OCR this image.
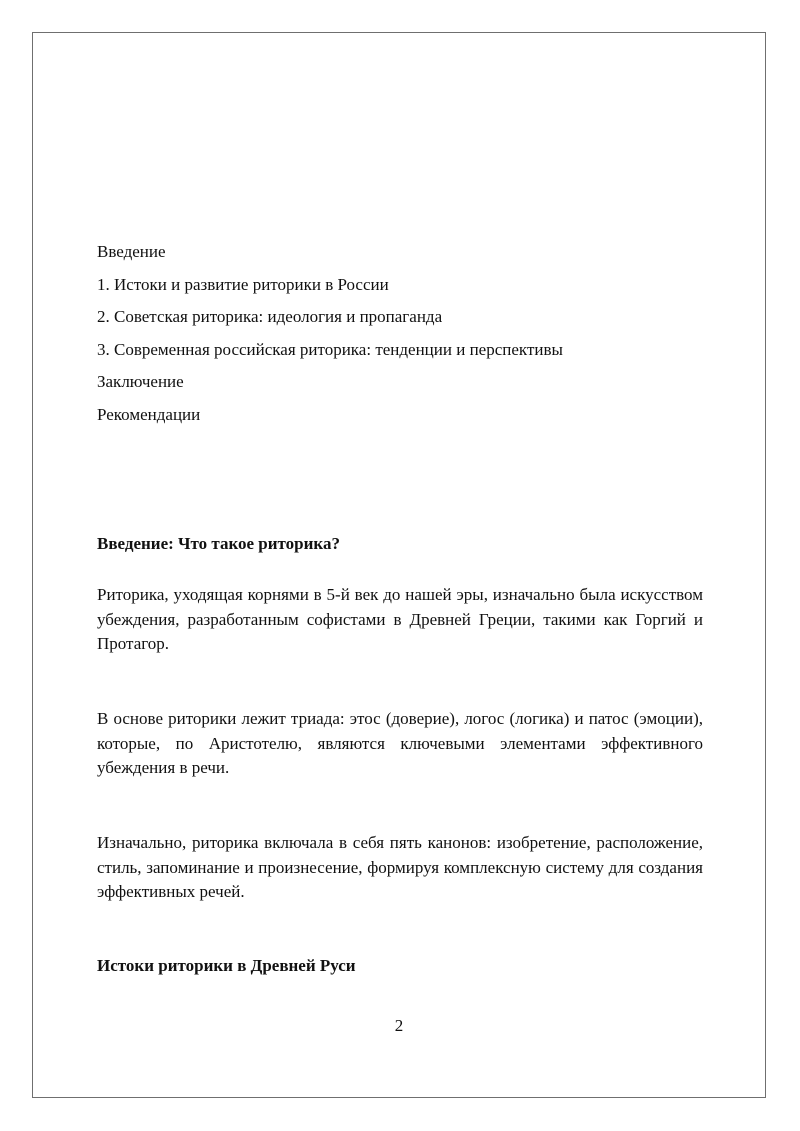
Введение

1. Истоки и развитие риторики в России

2. Советская риторика: идеология и пропаганда

3. Современная российская риторика: тенденции и перспективы

Заключение

Рекомендации

Введение: Что такое риторика?

Риторика, уходящая корнями в 5-й век до нашей эры, изначально была искусством убеждения, разработанным софистами в Древней Греции, такими как Горгий и Протагор.

В основе риторики лежит триада: этос (доверие), логос (логика) и патос (эмоции), которые, по Аристотелю, являются ключевыми элементами эффективного убеждения в речи.

Изначально, риторика включала в себя пять канонов: изобретение, расположение, стиль, запоминание и произнесение, формируя комплексную систему для создания эффективных речей.

Истоки риторики в Древней Руси

2
